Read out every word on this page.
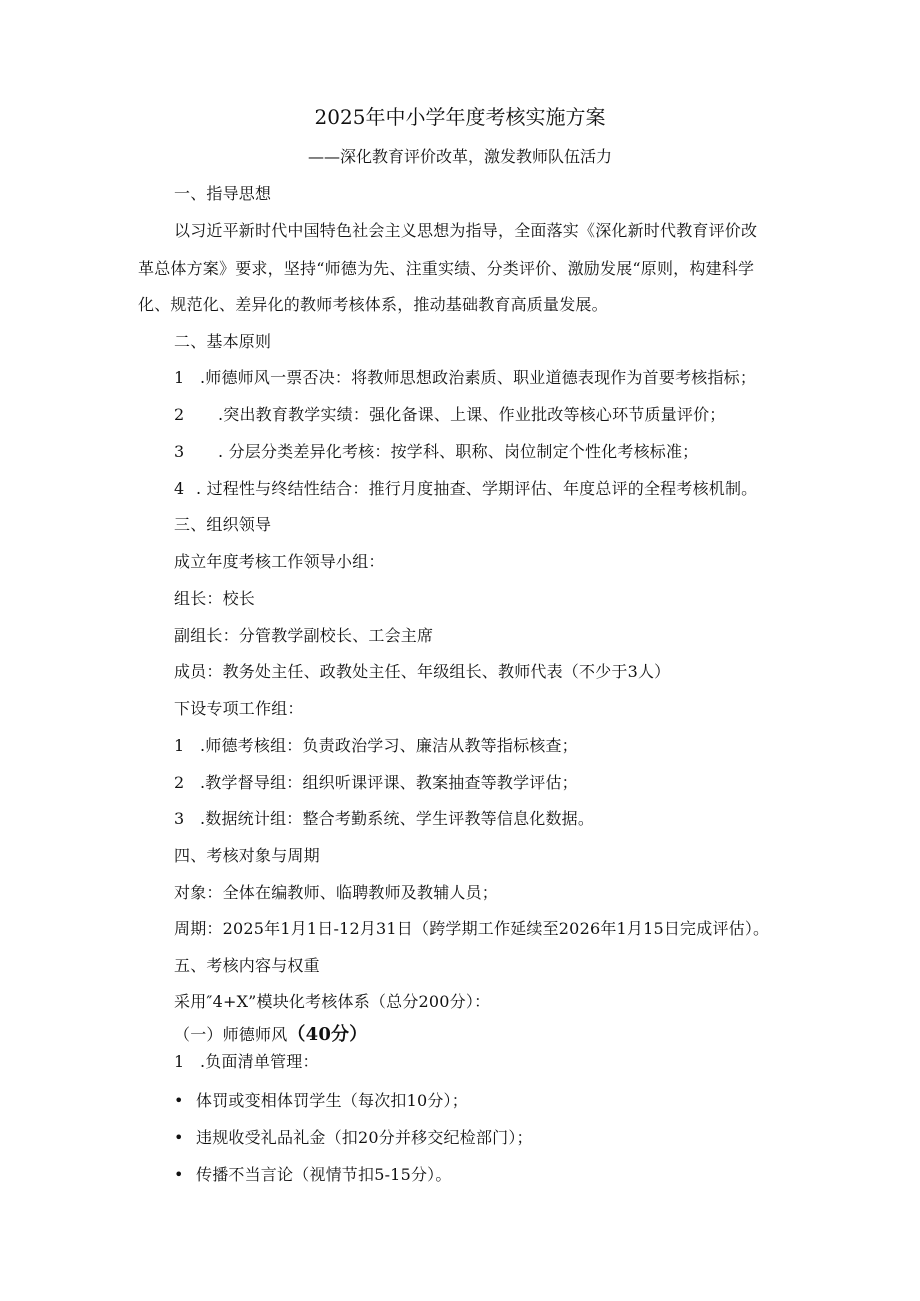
2025年中小学年度考核实施方案
——深化教育评价改革，激发教师队伍活力
一、指导思想
以习近平新时代中国特色社会主义思想为指导，全面落实《深化新时代教育评价改
革总体方案》要求，坚持“师德为先、注重实绩、分类评价、激励发展“原则，构建科学
化、规范化、差异化的教师考核体系，推动基础教育高质量发展。
二、基本原则
1 .师德师风一票否决：将教师思想政治素质、职业道德表现作为首要考核指标；
2 .突出教育教学实绩：强化备课、上课、作业批改等核心环节质量评价；
3 . 分层分类差异化考核：按学科、职称、岗位制定个性化考核标准；
4 . 过程性与终结性结合：推行月度抽查、学期评估、年度总评的全程考核机制。
三、组织领导
成立年度考核工作领导小组：
组长：校长
副组长：分管教学副校长、工会主席
成员：教务处主任、政教处主任、年级组长、教师代表（不少于3人）
下设专项工作组：
1 .师德考核组：负责政治学习、廉洁从教等指标核查；
2 .教学督导组：组织听课评课、教案抽查等教学评估；
3 .数据统计组：整合考勤系统、学生评教等信息化数据。
四、考核对象与周期
对象：全体在编教师、临聘教师及教辅人员；
周期：2025年1月1日-12月31日（跨学期工作延续至2026年1月15日完成评估）。
五、考核内容与权重
采用″4+X”模块化考核体系（总分200分）：
（一）师德师风（40分）
1 .负面清单管理：
• 体罚或变相体罚学生（每次扣10分）；
• 违规收受礼品礼金（扣20分并移交纪检部门）；
• 传播不当言论（视情节扣5-15分）。
